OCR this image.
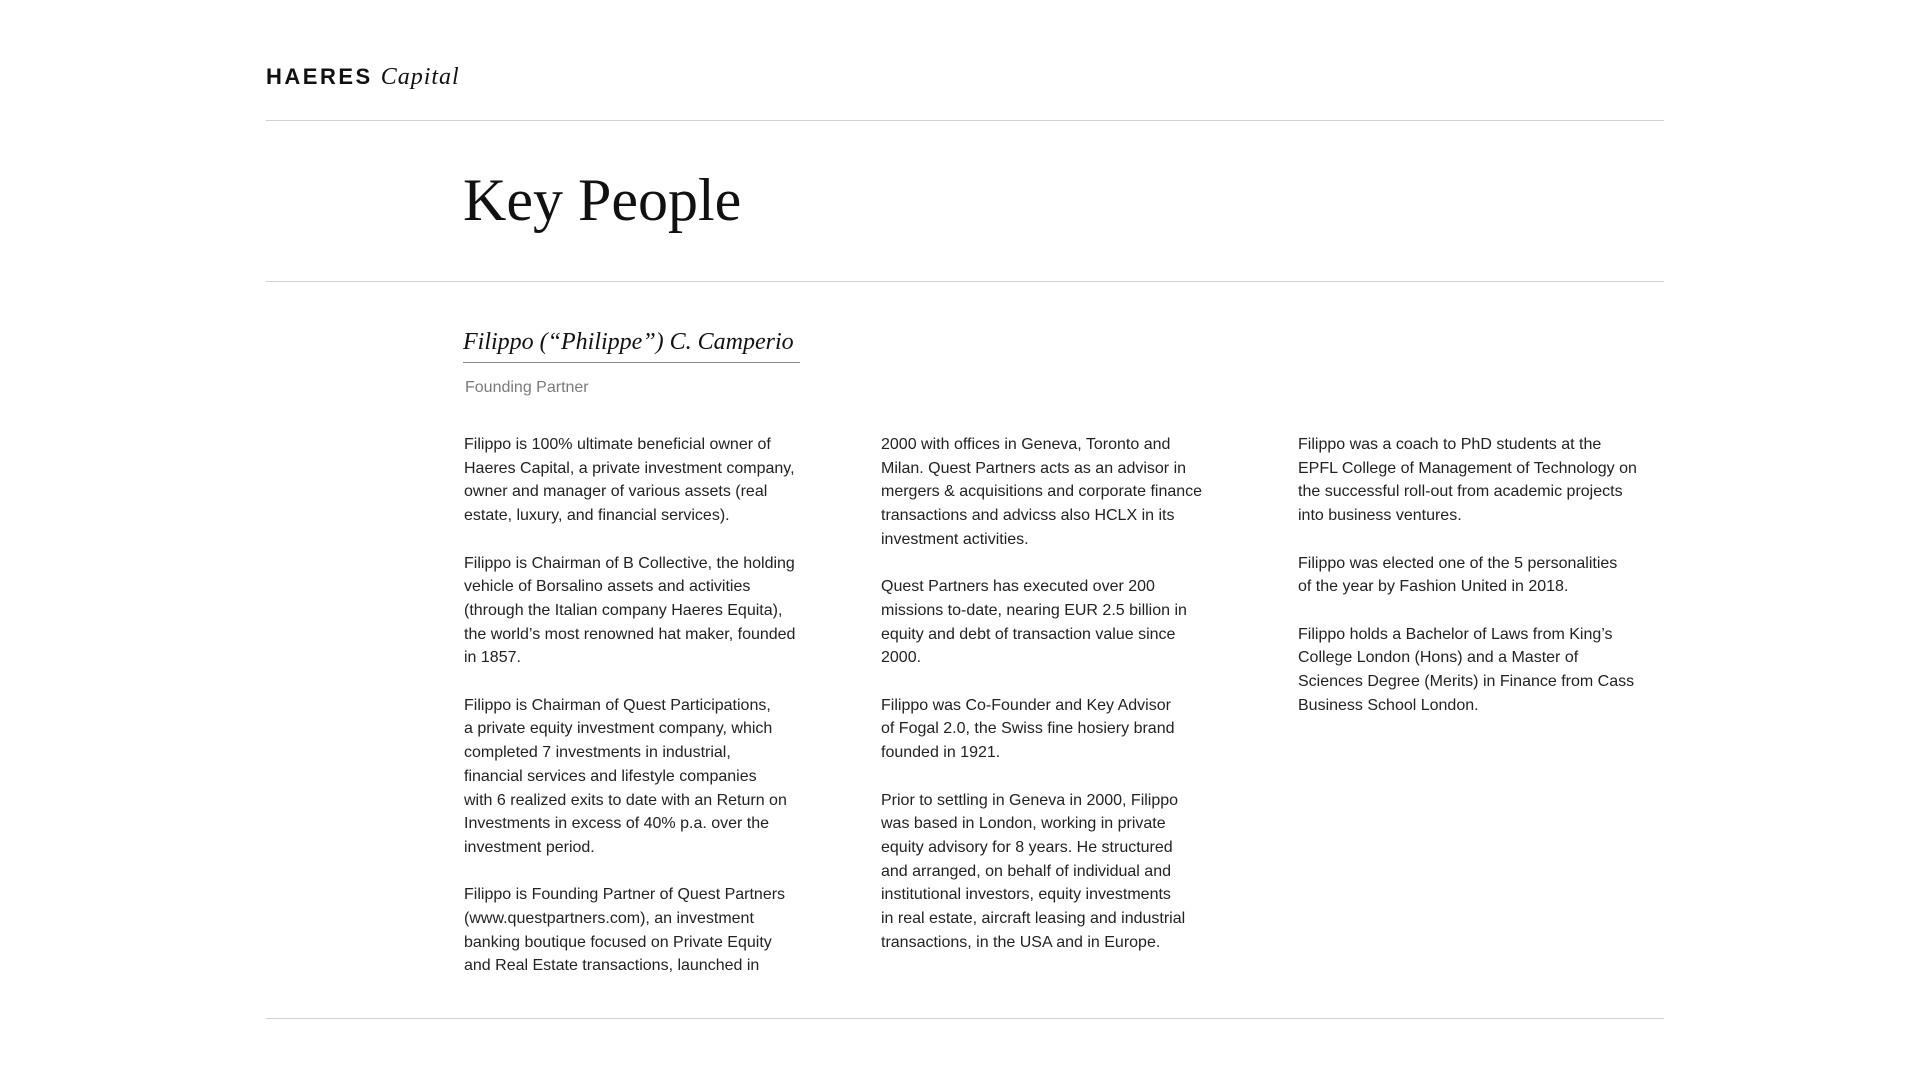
HAERES Capital
Key People
Filippo (“Philippe”) C. Camperio
Founding Partner

Filippo is 100% ultimate beneficial owner of
Haeres Capital, a private investment company,
owner and manager of various assets (real
estate, luxury, and financial services).

Filippo is Chairman of B Collective, the holding
vehicle of Borsalino assets and activities
(through the Italian company Haeres Equita),
the world’s most renowned hat maker, founded
in 1857.

Filippo is Chairman of Quest Participations,
a private equity investment company, which
completed 7 investments in industrial,
financial services and lifestyle companies
with 6 realized exits to date with an Return on
Investments in excess of 40% p.a. over the
investment period.

Filippo is Founding Partner of Quest Partners
(www.questpartners.com), an investment
banking boutique focused on Private Equity
and Real Estate transactions, launched in

2000 with offices in Geneva, Toronto and
Milan. Quest Partners acts as an advisor in
mergers & acquisitions and corporate finance
transactions and advicss also HCLX in its
investment activities.

Quest Partners has executed over 200
missions to-date, nearing EUR 2.5 billion in
equity and debt of transaction value since
2000.

Filippo was Co-Founder and Key Advisor
of Fogal 2.0, the Swiss fine hosiery brand
founded in 1921.

Prior to settling in Geneva in 2000, Filippo
was based in London, working in private
equity advisory for 8 years. He structured
and arranged, on behalf of individual and
institutional investors, equity investments
in real estate, aircraft leasing and industrial
transactions, in the USA and in Europe.

Filippo was a coach to PhD students at the
EPFL College of Management of Technology on
the successful roll-out from academic projects
into business ventures.

Filippo was elected one of the 5 personalities
of the year by Fashion United in 2018.

Filippo holds a Bachelor of Laws from King’s
College London (Hons) and a Master of
Sciences Degree (Merits) in Finance from Cass
Business School London.
